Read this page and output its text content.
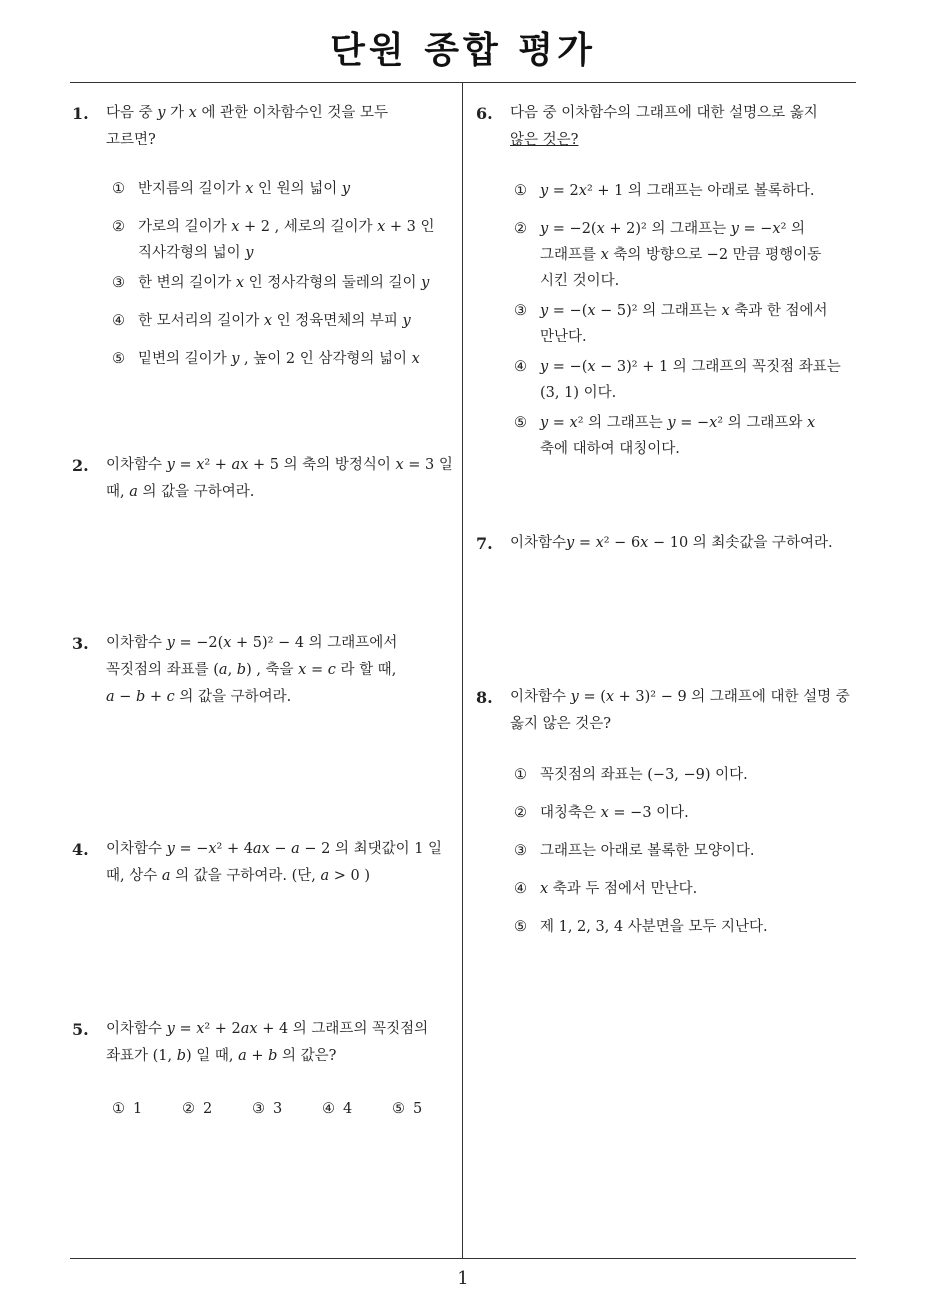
단원 종합 평가
1
1. 다음 중 𝑦 가 𝑥 에 관한 이차함수인 것을 모두
고르면?
① 반지름의 길이가 𝑥 인 원의 넓이 𝑦
② 가로의 길이가 𝑥 + 2 , 세로의 길이가 𝑥 + 3 인
직사각형의 넓이 𝑦
③ 한 변의 길이가 𝑥 인 정사각형의 둘레의 길이 𝑦
④ 한 모서리의 길이가 𝑥 인 정육면체의 부피 𝑦
⑤ 밑변의 길이가 𝑦 , 높이 2 인 삼각형의 넓이 𝑥
2. 이차함수 𝑦 = 𝑥² + 𝑎𝑥 + 5 의 축의 방정식이 𝑥 = 3 일
때, 𝑎 의 값을 구하여라.
3. 이차함수 𝑦 = −2(𝑥 + 5)² − 4 의 그래프에서
꼭짓점의 좌표를 (𝑎, 𝑏) , 축을 𝑥 = 𝑐 라 할 때,
𝑎 − 𝑏 + 𝑐 의 값을 구하여라.
4. 이차함수 𝑦 = −𝑥² + 4𝑎𝑥 − 𝑎 − 2 의 최댓값이 1 일
때, 상수 𝑎 의 값을 구하여라. (단, 𝑎 > 0 )
5. 이차함수 𝑦 = 𝑥² + 2𝑎𝑥 + 4 의 그래프의 꼭짓점의
좌표가 (1, 𝑏) 일 때, 𝑎 + 𝑏 의 값은?
① 1	② 2	③ 3	④ 4	⑤ 5
6. 다음 중 이차함수의 그래프에 대한 설명으로 옳지
않은 것은?
① 𝑦 = 2𝑥² + 1 의 그래프는 아래로 볼록하다.
② 𝑦 = −2(𝑥 + 2)² 의 그래프는 𝑦 = −𝑥² 의
그래프를 𝑥 축의 방향으로 −2 만큼 평행이동
시킨 것이다.
③ 𝑦 = −(𝑥 − 5)² 의 그래프는 𝑥 축과 한 점에서
만난다.
④ 𝑦 = −(𝑥 − 3)² + 1 의 그래프의 꼭짓점 좌표는
(3, 1) 이다.
⑤ 𝑦 = 𝑥² 의 그래프는 𝑦 = −𝑥² 의 그래프와 𝑥
축에 대하여 대칭이다.
7. 이차함수𝑦 = 𝑥² − 6𝑥 − 10 의 최솟값을 구하여라.
8. 이차함수 𝑦 = (𝑥 + 3)² − 9 의 그래프에 대한 설명 중
옳지 않은 것은?
① 꼭짓점의 좌표는 (−3, −9) 이다.
② 대칭축은 𝑥 = −3 이다.
③ 그래프는 아래로 볼록한 모양이다.
④ 𝑥 축과 두 점에서 만난다.
⑤ 제 1, 2, 3, 4 사분면을 모두 지난다.
